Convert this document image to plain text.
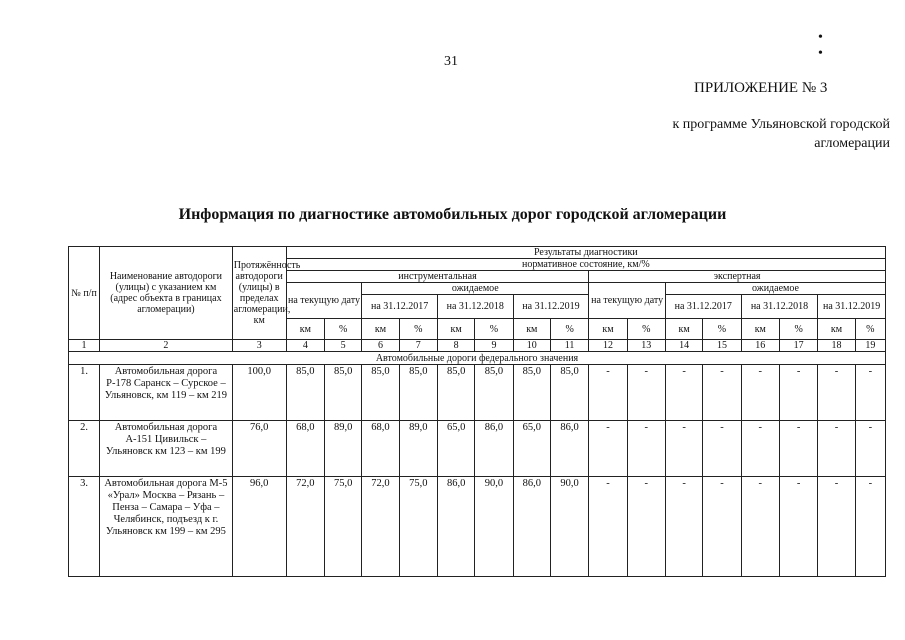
31
• •
ПРИЛОЖЕНИЕ № 3
к программе Ульяновской городской агломерации
Информация по диагностике автомобильных дорог городской агломерации
№ п/п	Наименование автодороги (улицы) с указанием км (адрес объекта в границах агломерации)	Протяжённость автодороги (улицы) в пределах агломерации, км	Результаты диагностики															
			нормативное состояние, км/%															
			инструментальная								экспертная							
			на текущую дату		ожидаемое						на текущую дату		ожидаемое					
					на 31.12.2017		на 31.12.2018		на 31.12.2019				на 31.12.2017		на 31.12.2018		на 31.12.2019	
			км	%	км	%	км	%	км	%	км	%	км	%	км	%	км	%
1	2	3	4	5	6	7	8	9	10	11	12	13	14	15	16	17	18	19
Автомобильные дороги федерального значения																		
1.	Автомобильная дорога Р-178 Саранск – Сурское – Ульяновск, км 119 – км 219	100,0	85,0	85,0	85,0	85,0	85,0	85,0	85,0	85,0	-	-	-	-	-	-	-	-
2.	Автомобильная дорога А-151 Цивильск – Ульяновск км 123 – км 199	76,0	68,0	89,0	68,0	89,0	65,0	86,0	65,0	86,0	-	-	-	-	-	-	-	-
3.	Автомобильная дорога М-5 «Урал» Москва – Рязань – Пенза – Самара – Уфа – Челябинск, подъезд к г. Ульяновск км 199 – км 295	96,0	72,0	75,0	72,0	75,0	86,0	90,0	86,0	90,0	-	-	-	-	-	-	-	-
